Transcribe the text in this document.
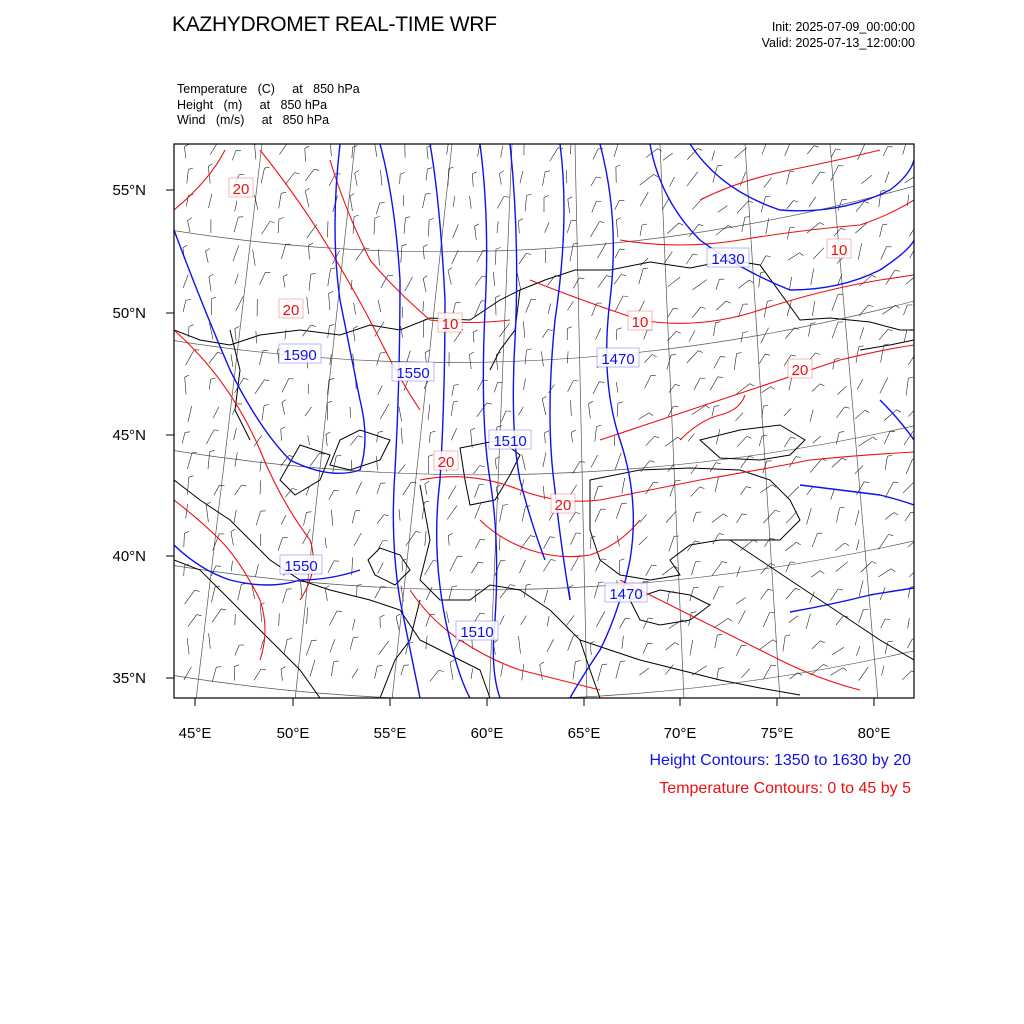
KAZHYDROMET REAL-TIME WRF	Init: 2025-07-09_00:00:00
Valid: 2025-07-13_12:00:00
Temperature   (C)     at   850 hPa
Height   (m)     at   850 hPa
Wind   (m/s)     at   850 hPa
55°N
50°N
45°N
40°N
35°N
45°E	50°E	55°E	60°E	65°E	70°E	75°E	80°E
1430
1470
1590
1550
1510
1550
1510
1470
20
20
10	10
10
20
20
20
Height Contours: 1350 to 1630 by 20
Temperature Contours: 0 to 45 by 5
